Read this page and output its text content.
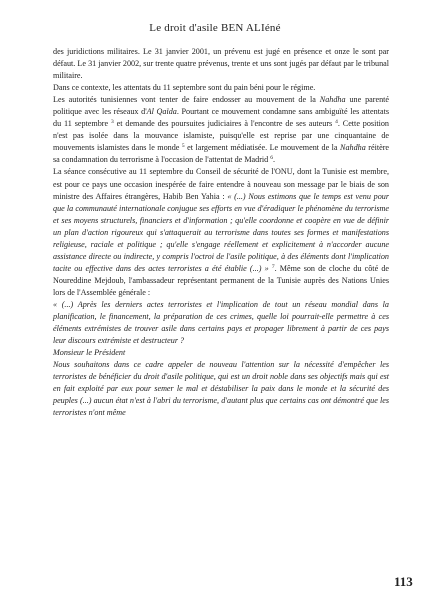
Le droit d'asile BEN ALIéné

des juridictions militaires. Le 31 janvier 2001, un prévenu est jugé en présence et onze le sont par défaut. Le 31 janvier 2002, sur trente quatre prévenus, trente et uns sont jugés par défaut par le tribunal militaire.

Dans ce contexte, les attentats du 11 septembre sont du pain béni pour le régime.

Les autorités tunisiennes vont tenter de faire endosser au mouvement de la Nahdha une parenté politique avec les réseaux d'Al Qaïda. Pourtant ce mouvement condamne sans ambiguïté les attentats du 11 septembre $^3$ et demande des poursuites judiciaires à l'encontre de ses auteurs $^4$. Cette position n'est pas isolée dans la mouvance islamiste, puisqu'elle est reprise par une cinquantaine de mouvements islamistes dans le monde $^5$ et largement médiatisée. Le mouvement de la Nahdha réitère sa condamnation du terrorisme à l'occasion de l'attentat de Madrid $^6$.

La séance consécutive au 11 septembre du Conseil de sécurité de l'ONU, dont la Tunisie est membre, est pour ce pays une occasion inespérée de faire entendre à nouveau son message par le biais de son ministre des Affaires étrangères, Habib Ben Yahia : « (...) Nous estimons que le temps est venu pour que la communauté internationale conjugue ses efforts en vue d'éradiquer le phénomène du terrorisme et ses moyens structurels, financiers et d'information ; qu'elle coordonne et coopère en vue de définir un plan d'action rigoureux qui s'attaquerait au terrorisme dans toutes ses formes et manifestations religieuse, raciale et politique ; qu'elle s'engage réellement et explicitement à n'accorder aucune assistance directe ou indirecte, y compris l'octroi de l'asile politique, à des éléments dont l'implication tacite ou effective dans des actes terroristes a été établie (...) » $^7$. Même son de cloche du côté de Noureddine Mejdoub, l'ambassadeur représentant permanent de la Tunisie auprès des Nations Unies lors de l'Assemblée générale :

« (...) Après les derniers actes terroristes et l'implication de tout un réseau mondial dans la planification, le financement, la préparation de ces crimes, quelle loi pourrait-elle permettre à ces éléments extrémistes de trouver asile dans certains pays et propager librement à partir de ces pays leur discours extrémiste et destructeur ?

Monsieur le Président

Nous souhaitons dans ce cadre appeler de nouveau l'attention sur la nécessité d'empêcher les terroristes de bénéficier du droit d'asile politique, qui est un droit noble dans ses objectifs mais qui est en fait exploité par eux pour semer le mal et déstabiliser la paix dans le monde et la sécurité des peuples (...) aucun état n'est à l'abri du terrorisme, d'autant plus que certains cas ont démontré que les terroristes n'ont même

113
